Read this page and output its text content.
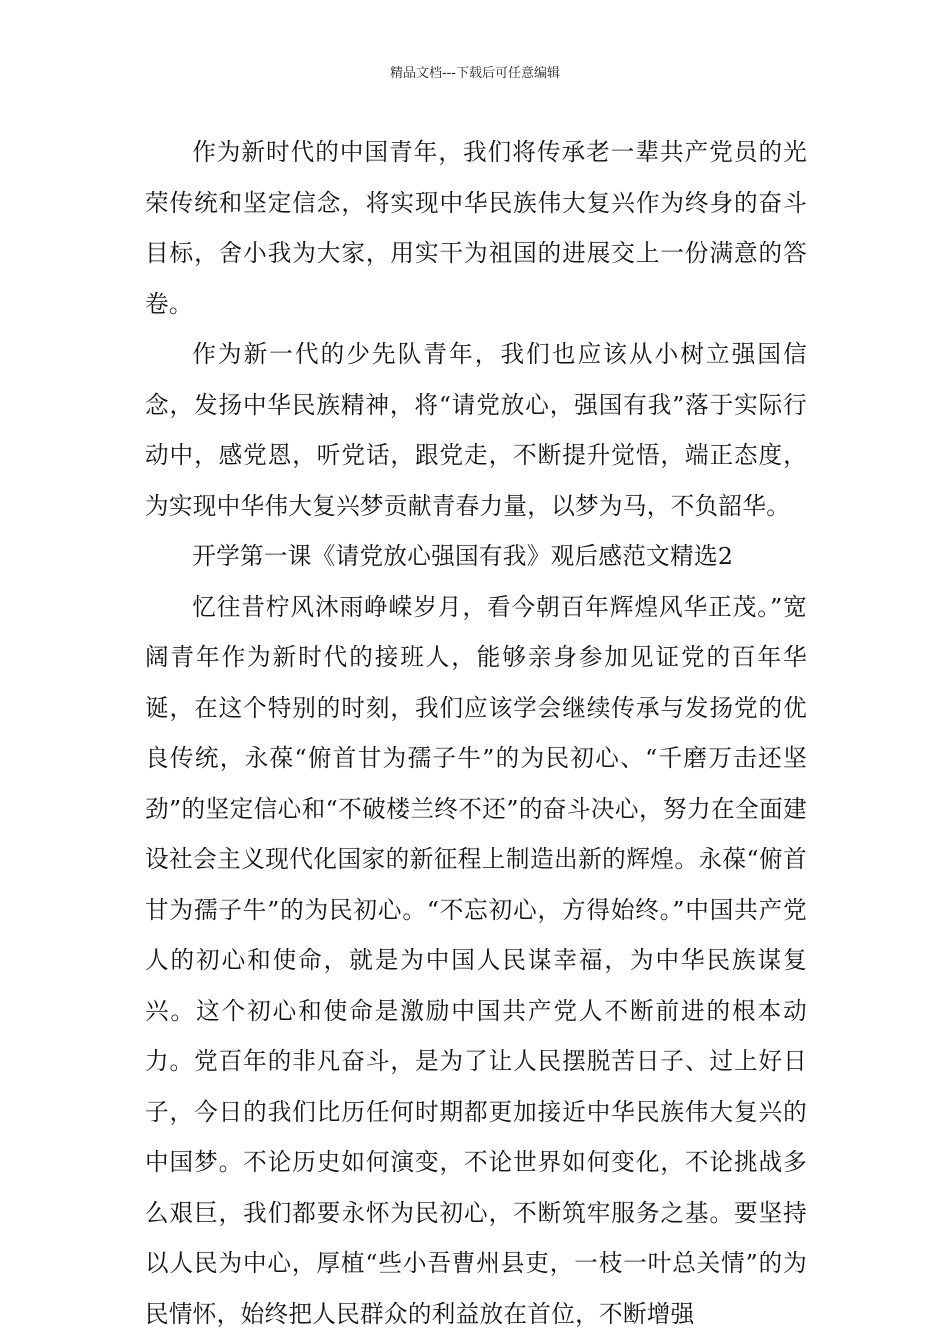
精品文档---下载后可任意编辑

作为新时代的中国青年，我们将传承老一辈共产党员的光荣传统和坚定信念，将实现中华民族伟大复兴作为终身的奋斗目标，舍小我为大家，用实干为祖国的进展交上一份满意的答卷。

作为新一代的少先队青年，我们也应该从小树立强国信念，发扬中华民族精神，将“请党放心，强国有我”落于实际行动中，感党恩，听党话，跟党走，不断提升觉悟，端正态度，为实现中华伟大复兴梦贡献青春力量，以梦为马，不负韶华。

开学第一课《请党放心强国有我》观后感范文精选2

忆往昔柠风沐雨峥嵘岁月，看今朝百年辉煌风华正茂。”宽阔青年作为新时代的接班人，能够亲身参加见证党的百年华诞，在这个特别的时刻，我们应该学会继续传承与发扬党的优良传统，永葆“俯首甘为孺子牛”的为民初心、“千磨万击还坚劲”的坚定信心和“不破楼兰终不还”的奋斗决心，努力在全面建设社会主义现代化国家的新征程上制造出新的辉煌。永葆“俯首甘为孺子牛”的为民初心。“不忘初心，方得始终。”中国共产党人的初心和使命，就是为中国人民谋幸福，为中华民族谋复兴。这个初心和使命是激励中国共产党人不断前进的根本动力。党百年的非凡奋斗，是为了让人民摆脱苦日子、过上好日子，今日的我们比历任何时期都更加接近中华民族伟大复兴的中国梦。不论历史如何演变，不论世界如何变化，不论挑战多么艰巨，我们都要永怀为民初心，不断筑牢服务之基。要坚持以人民为中心，厚植“些小吾曹州县吏，一枝一叶总关情”的为民情怀，始终把人民群众的利益放在首位，不断增强
